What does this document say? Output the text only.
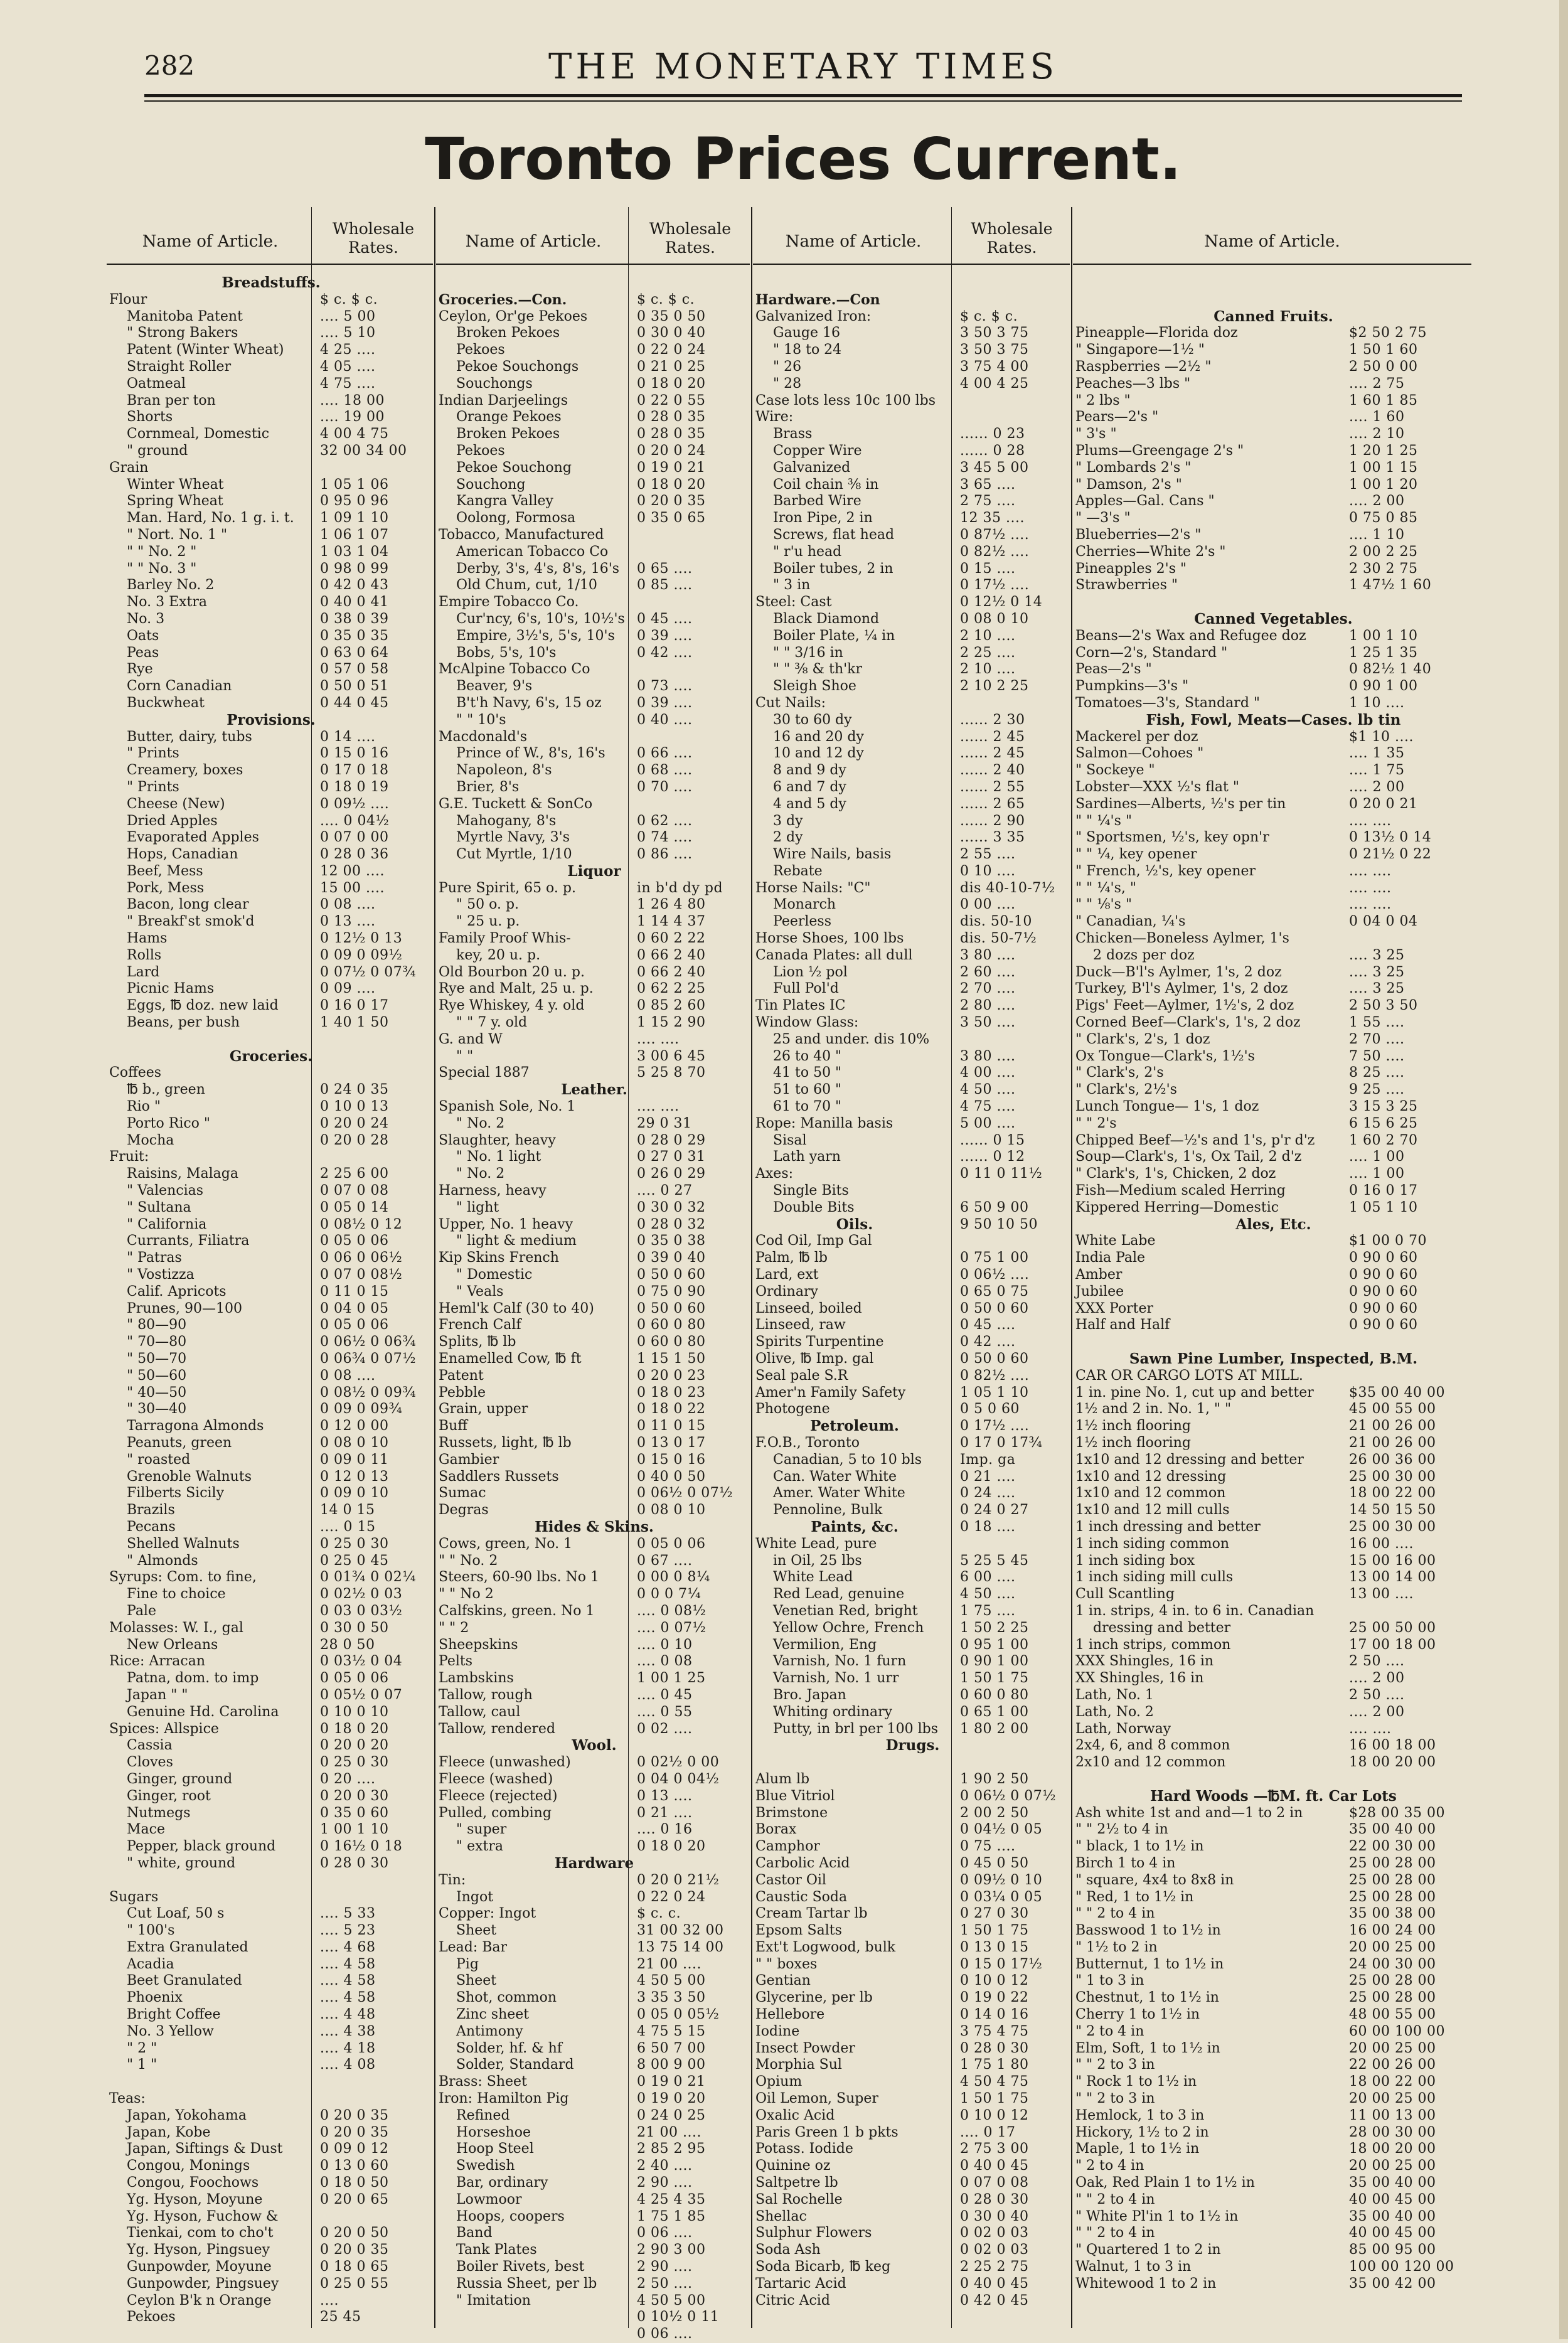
282	THE MONETARY TIMES
Toronto Prices Current.
Name of Article.
Wholesale
Rates.
Breadstuffs.
Flour	$ c. $ c.
Manitoba Patent	.... 5 00
" Strong Bakers	.... 5 10
Patent (Winter Wheat)	4 25 ....
Straight Roller	4 05 ....
Oatmeal	4 75 ....
Bran per ton	.... 18 00
Shorts	.... 19 00
Cornmeal, Domestic	4 00 4 75
" ground	32 00 34 00
Grain
Winter Wheat	1 05 1 06
Spring Wheat	0 95 0 96
Man. Hard, No. 1 g. i. t.	1 09 1 10
" Nort. No. 1 "	1 06 1 07
" " No. 2 "	1 03 1 04
" " No. 3 "	0 98 0 99
Barley No. 2	0 42 0 43
No. 3 Extra	0 40 0 41
No. 3	0 38 0 39
Oats	0 35 0 35
Peas	0 63 0 64
Rye	0 57 0 58
Corn Canadian	0 50 0 51
Buckwheat	0 44 0 45
Provisions.
Butter, dairy, tubs	0 14 ....
" Prints	0 15 0 16
Creamery, boxes	0 17 0 18
" Prints	0 18 0 19
Cheese (New)	0 09½ ....
Dried Apples	.... 0 04½
Evaporated Apples	0 07 0 00
Hops, Canadian	0 28 0 36
Beef, Mess	12 00 ....
Pork, Mess	15 00 ....
Bacon, long clear	0 08 ....
" Breakf'st smok'd	0 13 ....
Hams	0 12½ 0 13
Rolls	0 09 0 09½
Lard	0 07½ 0 07¾
Picnic Hams	0 09 ....
Eggs, ℔ doz. new laid	0 16 0 17
Beans, per bush	1 40 1 50
Groceries.
Coffees
℔ b., green	0 24 0 35
Rio "	0 10 0 13
Porto Rico "	0 20 0 24
Mocha	0 20 0 28
Fruit:
Raisins, Malaga	2 25 6 00
" Valencias	0 07 0 08
" Sultana	0 05 0 14
" California	0 08½ 0 12
Currants, Filiatra	0 05 0 06
" Patras	0 06 0 06½
" Vostizza	0 07 0 08½
Calif. Apricots	0 11 0 15
Prunes, 90—100	0 04 0 05
" 80—90	0 05 0 06
" 70—80	0 06½ 0 06¾
" 50—70	0 06¾ 0 07½
" 50—60	0 08 ....
" 40—50	0 08½ 0 09¾
" 30—40	0 09 0 09¾
Tarragona Almonds	0 12 0 00
Peanuts, green	0 08 0 10
" roasted	0 09 0 11
Grenoble Walnuts	0 12 0 13
Filberts Sicily	0 09 0 10
Brazils	14 0 15
Pecans	.... 0 15
Shelled Walnuts	0 25 0 30
" Almonds	0 25 0 45
Syrups: Com. to fine,	0 01¾ 0 02¼
Fine to choice	0 02½ 0 03
Pale	0 03 0 03½
Molasses: W. I., gal	0 30 0 50
New Orleans	28 0 50
Rice: Arracan	0 03½ 0 04
Patna, dom. to imp	0 05 0 06
Japan " "	0 05½ 0 07
Genuine Hd. Carolina	0 10 0 10
Spices: Allspice	0 18 0 20
Cassia	0 20 0 20
Cloves	0 25 0 30
Ginger, ground	0 20 ....
Ginger, root	0 20 0 30
Nutmegs	0 35 0 60
Mace	1 00 1 10
Pepper, black ground	0 16½ 0 18
" white, ground	0 28 0 30
Sugars
Cut Loaf, 50 s	.... 5 33
" 100's	.... 5 23
Extra Granulated	.... 4 68
Acadia	.... 4 58
Beet Granulated	.... 4 58
Phoenix	.... 4 58
Bright Coffee	.... 4 48
No. 3 Yellow	.... 4 38
" 2 "	.... 4 18
" 1 "	.... 4 08
Teas:
Japan, Yokohama	0 20 0 35
Japan, Kobe	0 20 0 35
Japan, Siftings & Dust	0 09 0 12
Congou, Monings	0 13 0 60
Congou, Foochows	0 18 0 50
Yg. Hyson, Moyune	0 20 0 65
Yg. Hyson, Fuchow &
Tienkai, com to cho't	0 20 0 50
Yg. Hyson, Pingsuey	0 20 0 35
Gunpowder, Moyune	0 18 0 65
Gunpowder, Pingsuey	0 25 0 55
Ceylon B'k n Orange	....
Pekoes	25 45
Name of Article.
Wholesale
Rates.
Groceries.—Con.	$ c. $ c.
Ceylon, Or'ge Pekoes	0 35 0 50
Broken Pekoes	0 30 0 40
Pekoes	0 22 0 24
Pekoe Souchongs	0 21 0 25
Souchongs	0 18 0 20
Indian Darjeelings	0 22 0 55
Orange Pekoes	0 28 0 35
Broken Pekoes	0 28 0 35
Pekoes	0 20 0 24
Pekoe Souchong	0 19 0 21
Souchong	0 18 0 20
Kangra Valley	0 20 0 35
Oolong, Formosa	0 35 0 65
Tobacco, Manufactured
American Tobacco Co
Derby, 3's, 4's, 8's, 16's	0 65 ....
Old Chum, cut, 1/10	0 85 ....
Empire Tobacco Co.
Cur'ncy, 6's, 10's, 10½'s 0 45 ....
Empire, 3½'s, 5's, 10's	0 39 ....
Bobs, 5's, 10's	0 42 ....
McAlpine Tobacco Co
Beaver, 9's	0 73 ....
B't'h Navy, 6's, 15 oz	0 39 ....
" " 10's	0 40 ....
Macdonald's
Prince of W., 8's, 16's	0 66 ....
Napoleon, 8's	0 68 ....
Brier, 8's	0 70 ....
G.E. Tuckett & SonCo
Mahogany, 8's	0 62 ....
Myrtle Navy, 3's	0 74 ....
Cut Myrtle, 1/10	0 86 ....
Liquor
Pure Spirit, 65 o. p.	in b'd dy pd
" 50 o. p.	1 26 4 80
" 25 u. p.	1 14 4 37
Family Proof Whis-	0 60 2 22
key, 20 u. p.	0 66 2 40
Old Bourbon 20 u. p.	0 66 2 40
Rye and Malt, 25 u. p.	0 62 2 25
Rye Whiskey, 4 y. old	0 85 2 60
" " 7 y. old	1 15 2 90
G. and W	.... ....
" "	3 00 6 45
Special 1887	5 25 8 70
Leather.
Spanish Sole, No. 1	.... ....
" No. 2	29 0 31
Slaughter, heavy	0 28 0 29
" No. 1 light	0 27 0 31
" No. 2	0 26 0 29
Harness, heavy	.... 0 27
" light	0 30 0 32
Upper, No. 1 heavy	0 28 0 32
" light & medium	0 35 0 38
Kip Skins French	0 39 0 40
" Domestic	0 50 0 60
" Veals	0 75 0 90
Heml'k Calf (30 to 40)	0 50 0 60
French Calf	0 60 0 80
Splits, ℔ lb	0 60 0 80
Enamelled Cow, ℔ ft	1 15 1 50
Patent	0 20 0 23
Pebble	0 18 0 23
Grain, upper	0 18 0 22
Buff	0 11 0 15
Russets, light, ℔ lb	0 13 0 17
Gambier	0 15 0 16
Saddlers Russets	0 40 0 50
Sumac	0 06½ 0 07½
Degras	0 08 0 10
Hides & Skins.
Cows, green, No. 1	0 05 0 06
" " No. 2	0 67 ....
Steers, 60-90 lbs. No 1	0 00 0 8¼
" " No 2	0 0 0 7¼
Calfskins, green. No 1	.... 0 08½
" " 2	.... 0 07½
Sheepskins	.... 0 10
Pelts	.... 0 08
Lambskins	1 00 1 25
Tallow, rough	.... 0 45
Tallow, caul	.... 0 55
Tallow, rendered	0 02 ....
Wool.
Fleece (unwashed)	0 02½ 0 00
Fleece (washed)	0 04 0 04½
Fleece (rejected)	0 13 ....
Pulled, combing	0 21 ....
" super	.... 0 16
" extra	0 18 0 20
Hardware
Tin:	0 20 0 21½
Ingot	0 22 0 24
Copper: Ingot	$ c. c.
Sheet	31 00 32 00
Lead: Bar	13 75 14 00
Pig	21 00 ....
Sheet	4 50 5 00
Shot, common	3 35 3 50
Zinc sheet	0 05 0 05½
Antimony	4 75 5 15
Solder, hf. & hf	6 50 7 00
Solder, Standard	8 00 9 00
Brass: Sheet	0 19 0 21
Iron: Hamilton Pig	0 19 0 20
Refined	0 24 0 25
Horseshoe	21 00 ....
Hoop Steel	2 85 2 95
Swedish	2 40 ....
Bar, ordinary	2 90 ....
Lowmoor	4 25 4 35
Hoops, coopers	1 75 1 85
Band	0 06 ....
Tank Plates	2 90 3 00
Boiler Rivets, best	2 90 ....
Russia Sheet, per lb	2 50 ....
" Imitation	4 50 5 00
0 10½ 0 11
0 06 ....
Name of Article.
Wholesale
Rates.
Hardware.—Con
Galvanized Iron:	$ c. $ c.
Gauge 16	3 50 3 75
" 18 to 24	3 50 3 75
" 26	3 75 4 00
" 28	4 00 4 25
Case lots less 10c 100 lbs
Wire:
Brass	...... 0 23
Copper Wire	...... 0 28
Galvanized	3 45 5 00
Coil chain ⅜ in	3 65 ....
Barbed Wire	2 75 ....
Iron Pipe, 2 in	12 35 ....
Screws, flat head	0 87½ ....
" r'u head	0 82½ ....
Boiler tubes, 2 in	0 15 ....
" 3 in	0 17½ ....
Steel: Cast	0 12½ 0 14
Black Diamond	0 08 0 10
Boiler Plate, ¼ in	2 10 ....
" " 3/16 in	2 25 ....
" " ⅜ & th'kr	2 10 ....
Sleigh Shoe	2 10 2 25
Cut Nails:
30 to 60 dy	...... 2 30
16 and 20 dy	...... 2 45
10 and 12 dy	...... 2 45
8 and 9 dy	...... 2 40
6 and 7 dy	...... 2 55
4 and 5 dy	...... 2 65
3 dy	...... 2 90
2 dy	...... 3 35
Wire Nails, basis	2 55 ....
Rebate	0 10 ....
Horse Nails: "C"	dis 40-10-7½
Monarch	0 00 ....
Peerless	dis. 50-10
Horse Shoes, 100 lbs	dis. 50-7½
Canada Plates: all dull	3 80 ....
Lion ½ pol	2 60 ....
Full Pol'd	2 70 ....
Tin Plates IC	2 80 ....
Window Glass:	3 50 ....
25 and under. dis 10%
26 to 40 "	3 80 ....
41 to 50 "	4 00 ....
51 to 60 "	4 50 ....
61 to 70 "	4 75 ....
Rope: Manilla basis	5 00 ....
Sisal	...... 0 15
Lath yarn	...... 0 12
Axes:	0 11 0 11½
Single Bits
Double Bits	6 50 9 00
Oils.	9 50 10 50
Cod Oil, Imp Gal
Palm, ℔ lb	0 75 1 00
Lard, ext	0 06½ ....
Ordinary	0 65 0 75
Linseed, boiled	0 50 0 60
Linseed, raw	0 45 ....
Spirits Turpentine	0 42 ....
Olive, ℔ Imp. gal	0 50 0 60
Seal pale S.R	0 82½ ....
Amer'n Family Safety	1 05 1 10
Photogene	0 5 0 60
Petroleum.	0 17½ ....
F.O.B., Toronto	0 17 0 17¾
Canadian, 5 to 10 bls	Imp. ga
Can. Water White	0 21 ....
Amer. Water White	0 24 ....
Pennoline, Bulk	0 24 0 27
Paints, &c.	0 18 ....
White Lead, pure
in Oil, 25 lbs	5 25 5 45
White Lead	6 00 ....
Red Lead, genuine	4 50 ....
Venetian Red, bright	1 75 ....
Yellow Ochre, French	1 50 2 25
Vermilion, Eng	0 95 1 00
Varnish, No. 1 furn	0 90 1 00
Varnish, No. 1 urr	1 50 1 75
Bro. Japan	0 60 0 80
Whiting ordinary	0 65 1 00
Putty, in brl per 100 lbs	1 80 2 00
Drugs.
Alum lb	1 90 2 50
Blue Vitriol	0 06½ 0 07½
Brimstone	2 00 2 50
Borax	0 04½ 0 05
Camphor	0 75 ....
Carbolic Acid	0 45 0 50
Castor Oil	0 09½ 0 10
Caustic Soda	0 03¼ 0 05
Cream Tartar lb	0 27 0 30
Epsom Salts	1 50 1 75
Ext't Logwood, bulk	0 13 0 15
" " boxes	0 15 0 17½
Gentian	0 10 0 12
Glycerine, per lb	0 19 0 22
Hellebore	0 14 0 16
Iodine	3 75 4 75
Insect Powder	0 28 0 30
Morphia Sul	1 75 1 80
Opium	4 50 4 75
Oil Lemon, Super	1 50 1 75
Oxalic Acid	0 10 0 12
Paris Green 1 b pkts	.... 0 17
Potass. Iodide	2 75 3 00
Quinine oz	0 40 0 45
Saltpetre lb	0 07 0 08
Sal Rochelle	0 28 0 30
Shellac	0 30 0 40
Sulphur Flowers	0 02 0 03
Soda Ash	0 02 0 03
Soda Bicarb, ℔ keg	2 25 2 75
Tartaric Acid	0 40 0 45
Citric Acid	0 42 0 45
Name of Article.
Canned Fruits.
Pineapple—Florida doz	$2 50 2 75
" Singapore—1½ "	1 50 1 60
Raspberries —2½ "	2 50 0 00
Peaches—3 lbs "	.... 2 75
" 2 lbs "	1 60 1 85
Pears—2's "	.... 1 60
" 3's "	.... 2 10
Plums—Greengage 2's "	1 20 1 25
" Lombards 2's "	1 00 1 15
" Damson, 2's "	1 00 1 20
Apples—Gal. Cans "	.... 2 00
" —3's "	0 75 0 85
Blueberries—2's "	.... 1 10
Cherries—White 2's "	2 00 2 25
Pineapples 2's "	2 30 2 75
Strawberries "	1 47½ 1 60
Canned Vegetables.
Beans—2's Wax and Refugee doz	1 00 1 10
Corn—2's, Standard "	1 25 1 35
Peas—2's "	0 82½ 1 40
Pumpkins—3's "	0 90 1 00
Tomatoes—3's, Standard "	1 10 ....
Fish, Fowl, Meats—Cases. lb tin
Mackerel per doz	$1 10 ....
Salmon—Cohoes "	.... 1 35
" Sockeye "	.... 1 75
Lobster—XXX ½'s flat "	.... 2 00
Sardines—Alberts, ½'s per tin	0 20 0 21
" " ¼'s "	.... ....
" Sportsmen, ½'s, key opn'r	0 13½ 0 14
" " ¼, key opener	0 21½ 0 22
" French, ½'s, key opener	.... ....
" " ¼'s, "	.... ....
" " ⅛'s "	.... ....
" Canadian, ¼'s	0 04 0 04
Chicken—Boneless Aylmer, 1's
2 dozs per doz	.... 3 25
Duck—B'l's Aylmer, 1's, 2 doz	.... 3 25
Turkey, B'l's Aylmer, 1's, 2 doz	.... 3 25
Pigs' Feet—Aylmer, 1½'s, 2 doz	2 50 3 50
Corned Beef—Clark's, 1's, 2 doz	1 55 ....
" Clark's, 2's, 1 doz	2 70 ....
Ox Tongue—Clark's, 1½'s	7 50 ....
" Clark's, 2's	8 25 ....
" Clark's, 2½'s	9 25 ....
Lunch Tongue— 1's, 1 doz	3 15 3 25
" " 2's	6 15 6 25
Chipped Beef—½'s and 1's, p'r d'z	1 60 2 70
Soup—Clark's, 1's, Ox Tail, 2 d'z	.... 1 00
" Clark's, 1's, Chicken, 2 doz	.... 1 00
Fish—Medium scaled Herring	0 16 0 17
Kippered Herring—Domestic	1 05 1 10
Ales, Etc.
White Labe	$1 00 0 70
India Pale	0 90 0 60
Amber	0 90 0 60
Jubilee	0 90 0 60
XXX Porter	0 90 0 60
Half and Half	0 90 0 60
Sawn Pine Lumber, Inspected, B.M.
CAR OR CARGO LOTS AT MILL.
1 in. pine No. 1, cut up and better	$35 00 40 00
1½ and 2 in. No. 1, " "	45 00 55 00
1½ inch flooring	21 00 26 00
1½ inch flooring	21 00 26 00
1x10 and 12 dressing and better	26 00 36 00
1x10 and 12 dressing	25 00 30 00
1x10 and 12 common	18 00 22 00
1x10 and 12 mill culls	14 50 15 50
1 inch dressing and better	25 00 30 00
1 inch siding common	16 00 ....
1 inch siding box	15 00 16 00
1 inch siding mill culls	13 00 14 00
Cull Scantling	13 00 ....
1 in. strips, 4 in. to 6 in. Canadian
dressing and better	25 00 50 00
1 inch strips, common	17 00 18 00
XXX Shingles, 16 in	2 50 ....
XX Shingles, 16 in	.... 2 00
Lath, No. 1	2 50 ....
Lath, No. 2	.... 2 00
Lath, Norway	.... ....
2x4, 6, and 8 common	16 00 18 00
2x10 and 12 common	18 00 20 00
Hard Woods —℔M. ft. Car Lots
Ash white 1st and and—1 to 2 in	$28 00 35 00
" " 2½ to 4 in	35 00 40 00
" black, 1 to 1½ in	22 00 30 00
Birch 1 to 4 in	25 00 28 00
" square, 4x4 to 8x8 in	25 00 28 00
" Red, 1 to 1½ in	25 00 28 00
" " 2 to 4 in	35 00 38 00
Basswood 1 to 1½ in	16 00 24 00
" 1½ to 2 in	20 00 25 00
Butternut, 1 to 1½ in	24 00 30 00
" 1 to 3 in	25 00 28 00
Chestnut, 1 to 1½ in	25 00 28 00
Cherry 1 to 1½ in	48 00 55 00
" 2 to 4 in	60 00 100 00
Elm, Soft, 1 to 1½ in	20 00 25 00
" " 2 to 3 in	22 00 26 00
" Rock 1 to 1½ in	18 00 22 00
" " 2 to 3 in	20 00 25 00
Hemlock, 1 to 3 in	11 00 13 00
Hickory, 1½ to 2 in	28 00 30 00
Maple, 1 to 1½ in	18 00 20 00
" 2 to 4 in	20 00 25 00
Oak, Red Plain 1 to 1½ in	35 00 40 00
" " 2 to 4 in	40 00 45 00
" White Pl'in 1 to 1½ in	35 00 40 00
" " 2 to 4 in	40 00 45 00
" Quartered 1 to 2 in	85 00 95 00
Walnut, 1 to 3 in	100 00 120 00
Whitewood 1 to 2 in	35 00 42 00
